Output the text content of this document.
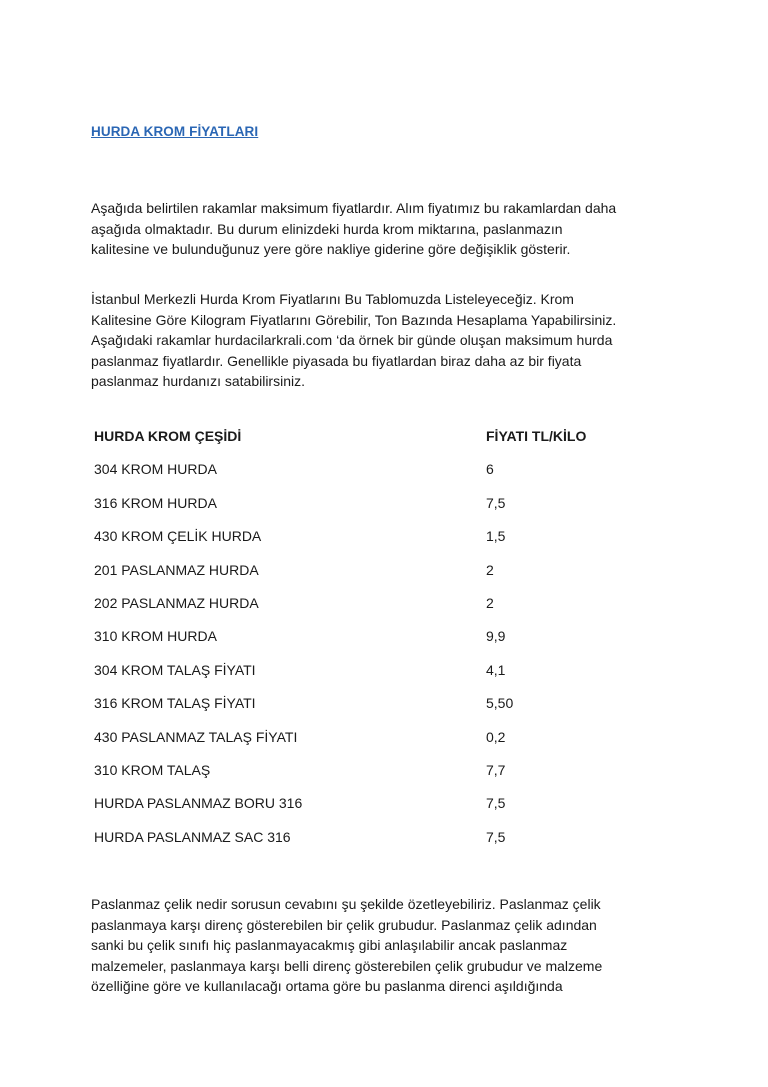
HURDA KROM FİYATLARI
Aşağıda belirtilen rakamlar maksimum fiyatlardır. Alım fiyatımız bu rakamlardan daha
aşağıda olmaktadır. Bu durum elinizdeki hurda krom miktarına, paslanmazın
kalitesine ve bulunduğunuz yere göre nakliye giderine göre değişiklik gösterir.
İstanbul Merkezli Hurda Krom Fiyatlarını Bu Tablomuzda Listeleyeceğiz. Krom
Kalitesine Göre Kilogram Fiyatlarını Görebilir, Ton Bazında Hesaplama Yapabilirsiniz.
Aşağıdaki rakamlar hurdacilarkrali.com ‘da örnek bir günde oluşan maksimum hurda
paslanmaz fiyatlardır. Genellikle piyasada bu fiyatlardan biraz daha az bir fiyata
paslanmaz hurdanızı satabilirsiniz.
HURDA KROM ÇEŞİDİ	FİYATI TL/KİLO
304 KROM HURDA	6
316 KROM HURDA	7,5
430 KROM ÇELİK HURDA	1,5
201 PASLANMAZ HURDA	2
202 PASLANMAZ HURDA	2
310 KROM HURDA	9,9
304 KROM TALAŞ FİYATI	4,1
316 KROM TALAŞ FİYATI	5,50
430 PASLANMAZ TALAŞ FİYATI	0,2
310 KROM TALAŞ	7,7
HURDA PASLANMAZ BORU 316	7,5
HURDA PASLANMAZ SAC 316	7,5
Paslanmaz çelik nedir sorusun cevabını şu şekilde özetleyebiliriz. Paslanmaz çelik
paslanmaya karşı direnç gösterebilen bir çelik grubudur. Paslanmaz çelik adından
sanki bu çelik sınıfı hiç paslanmayacakmış gibi anlaşılabilir ancak paslanmaz
malzemeler, paslanmaya karşı belli direnç gösterebilen çelik grubudur ve malzeme
özelliğine göre ve kullanılacağı ortama göre bu paslanma direnci aşıldığında
